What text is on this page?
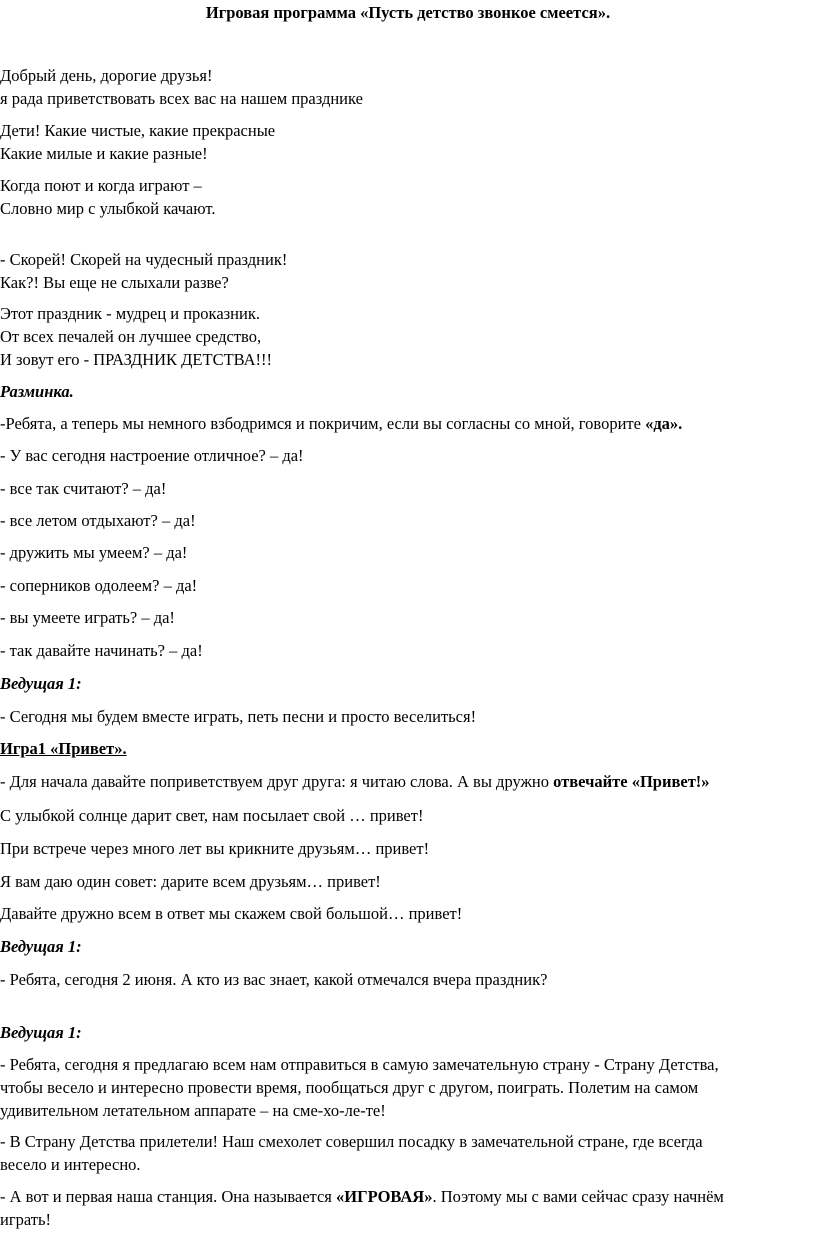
Игровая программа «Пусть детство звонкое смеется».
Добрый день, дорогие друзья!
я рада приветствовать всех вас на нашем празднике
Дети! Какие чистые, какие прекрасные
Какие милые и какие разные!
Когда поют и когда играют –
Словно мир с улыбкой качают.
- Скорей! Скорей на чудесный праздник!
Как?! Вы еще не слыхали разве?
Этот праздник - мудрец и проказник.
От всех печалей он лучшее средство,
И зовут его - ПРАЗДНИК ДЕТСТВА!!!
Разминка.
-Ребята, а теперь мы немного взбодримся и покричим, если вы согласны со мной, говорите «да».
- У вас сегодня настроение отличное? – да!
- все так считают? – да!
- все летом отдыхают? – да!
- дружить мы умеем? – да!
- соперников одолеем? – да!
- вы умеете играть? – да!
- так давайте начинать? – да!
Ведущая 1:
- Сегодня мы будем вместе играть, петь песни и просто веселиться!
Игра1 «Привет».
- Для начала давайте поприветствуем друг друга: я читаю слова. А вы дружно отвечайте «Привет!»
С улыбкой солнце дарит свет, нам посылает свой … привет!
При встрече через много лет вы крикните друзьям… привет!
Я вам даю один совет: дарите всем друзьям… привет!
Давайте дружно всем в ответ мы скажем свой большой… привет!
Ведущая 1:
- Ребята, сегодня 2 июня. А кто из вас знает, какой отмечался вчера праздник?
Ведущая 1:
- Ребята, сегодня я предлагаю всем нам отправиться в самую замечательную страну - Страну Детства,
чтобы весело и интересно провести время, пообщаться друг с другом, поиграть. Полетим на самом
удивительном летательном аппарате – на сме-хо-ле-те!
- В Страну Детства прилетели! Наш смехолет совершил посадку в замечательной стране, где всегда
весело и интересно.
- А вот и первая наша станция. Она называется «ИГРОВАЯ». Поэтому мы с вами сейчас сразу начнём
играть!
